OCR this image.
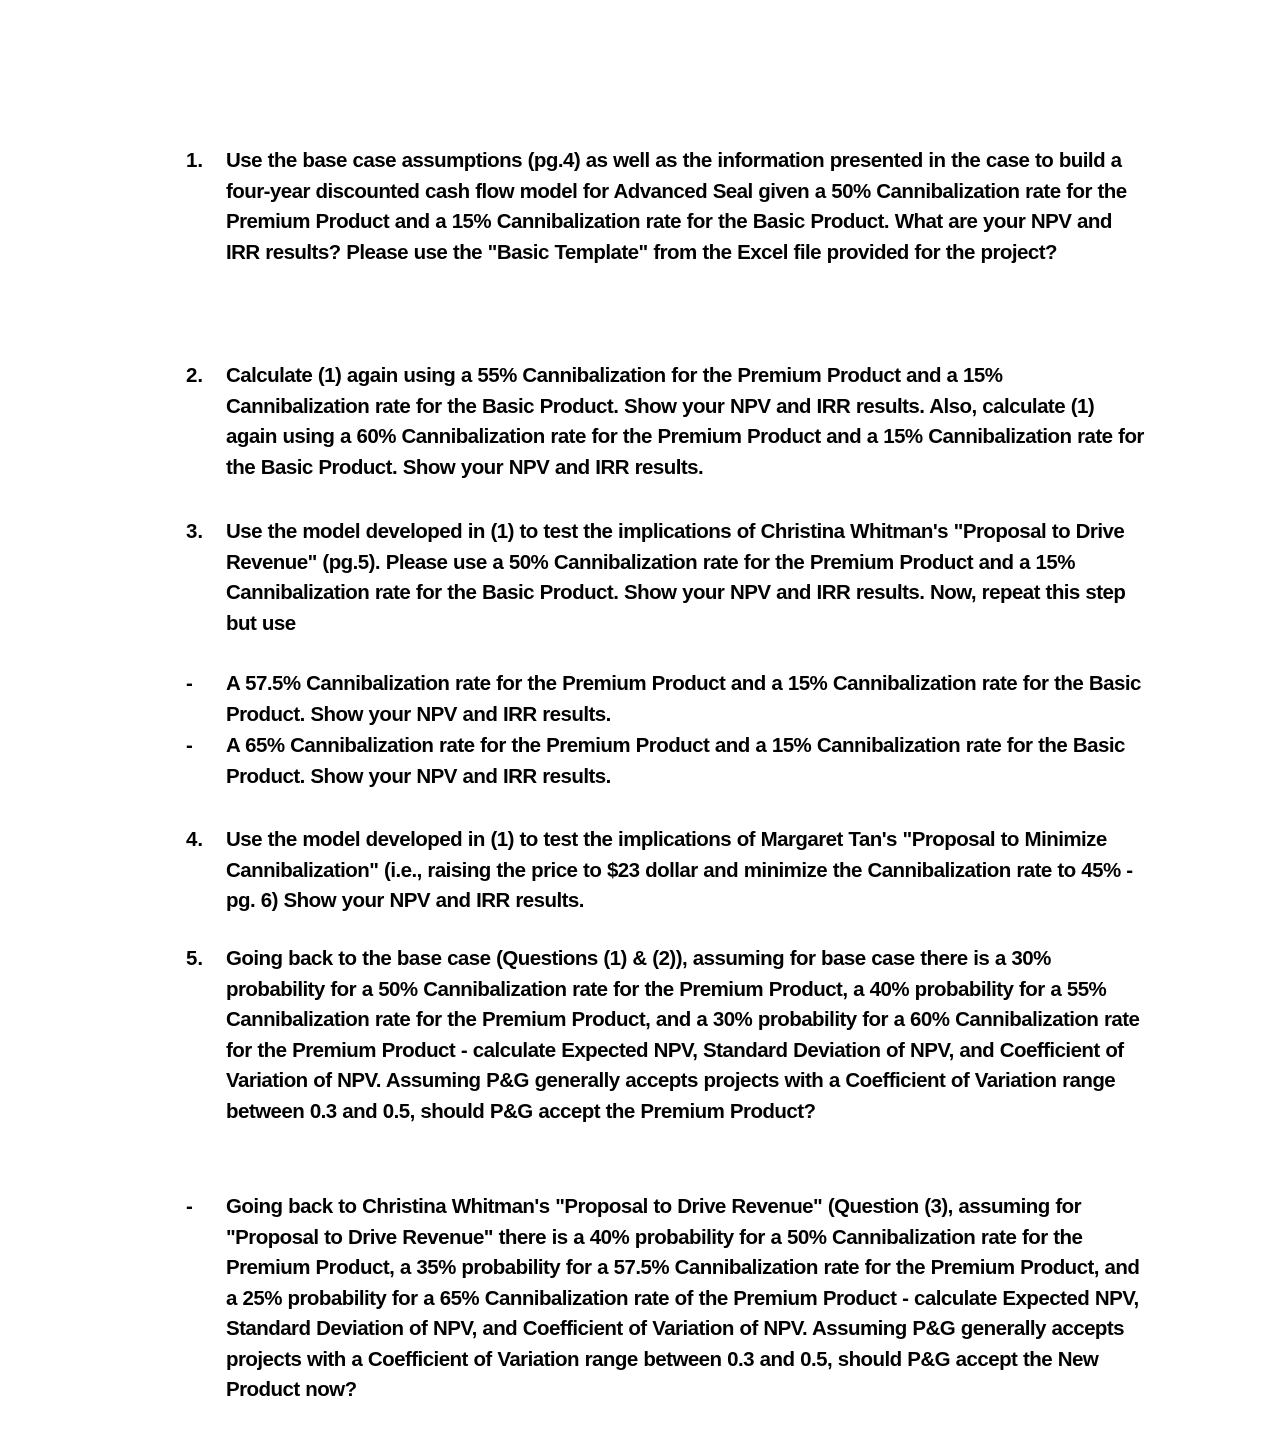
1.	Use the base case assumptions (pg.4) as well as the information presented in the case to build a four-year discounted cash flow model for Advanced Seal given a 50% Cannibalization rate for the Premium Product and a 15% Cannibalization rate for the Basic Product. What are your NPV and IRR results? Please use the "Basic Template" from the Excel file provided for the project?
2.	Calculate (1) again using a 55% Cannibalization for the Premium Product and a 15% Cannibalization rate for the Basic Product. Show your NPV and IRR results. Also, calculate (1) again using a 60% Cannibalization rate for the Premium Product and a 15% Cannibalization rate for the Basic Product. Show your NPV and IRR results.
3.	Use the model developed in (1) to test the implications of Christina Whitman's "Proposal to Drive Revenue" (pg.5). Please use a 50% Cannibalization rate for the Premium Product and a 15% Cannibalization rate for the Basic Product. Show your NPV and IRR results. Now, repeat this step but use
-	A 57.5% Cannibalization rate for the Premium Product and a 15% Cannibalization rate for the Basic Product. Show your NPV and IRR results.
-	A 65% Cannibalization rate for the Premium Product and a 15% Cannibalization rate for the Basic Product. Show your NPV and IRR results.
4.	Use the model developed in (1) to test the implications of Margaret Tan's "Proposal to Minimize Cannibalization" (i.e., raising the price to $23 dollar and minimize the Cannibalization rate to 45% - pg. 6) Show your NPV and IRR results.
5.	Going back to the base case (Questions (1) & (2)), assuming for base case there is a 30% probability for a 50% Cannibalization rate for the Premium Product, a 40% probability for a 55% Cannibalization rate for the Premium Product, and a 30% probability for a 60% Cannibalization rate for the Premium Product - calculate Expected NPV, Standard Deviation of NPV, and Coefficient of Variation of NPV. Assuming P&G generally accepts projects with a Coefficient of Variation range between 0.3 and 0.5, should P&G accept the Premium Product?
-	Going back to Christina Whitman's "Proposal to Drive Revenue" (Question (3), assuming for "Proposal to Drive Revenue" there is a 40% probability for a 50% Cannibalization rate for the Premium Product, a 35% probability for a 57.5% Cannibalization rate for the Premium Product, and a 25% probability for a 65% Cannibalization rate of the Premium Product - calculate Expected NPV, Standard Deviation of NPV, and Coefficient of Variation of NPV. Assuming P&G generally accepts projects with a Coefficient of Variation range between 0.3 and 0.5, should P&G accept the New Product now?
